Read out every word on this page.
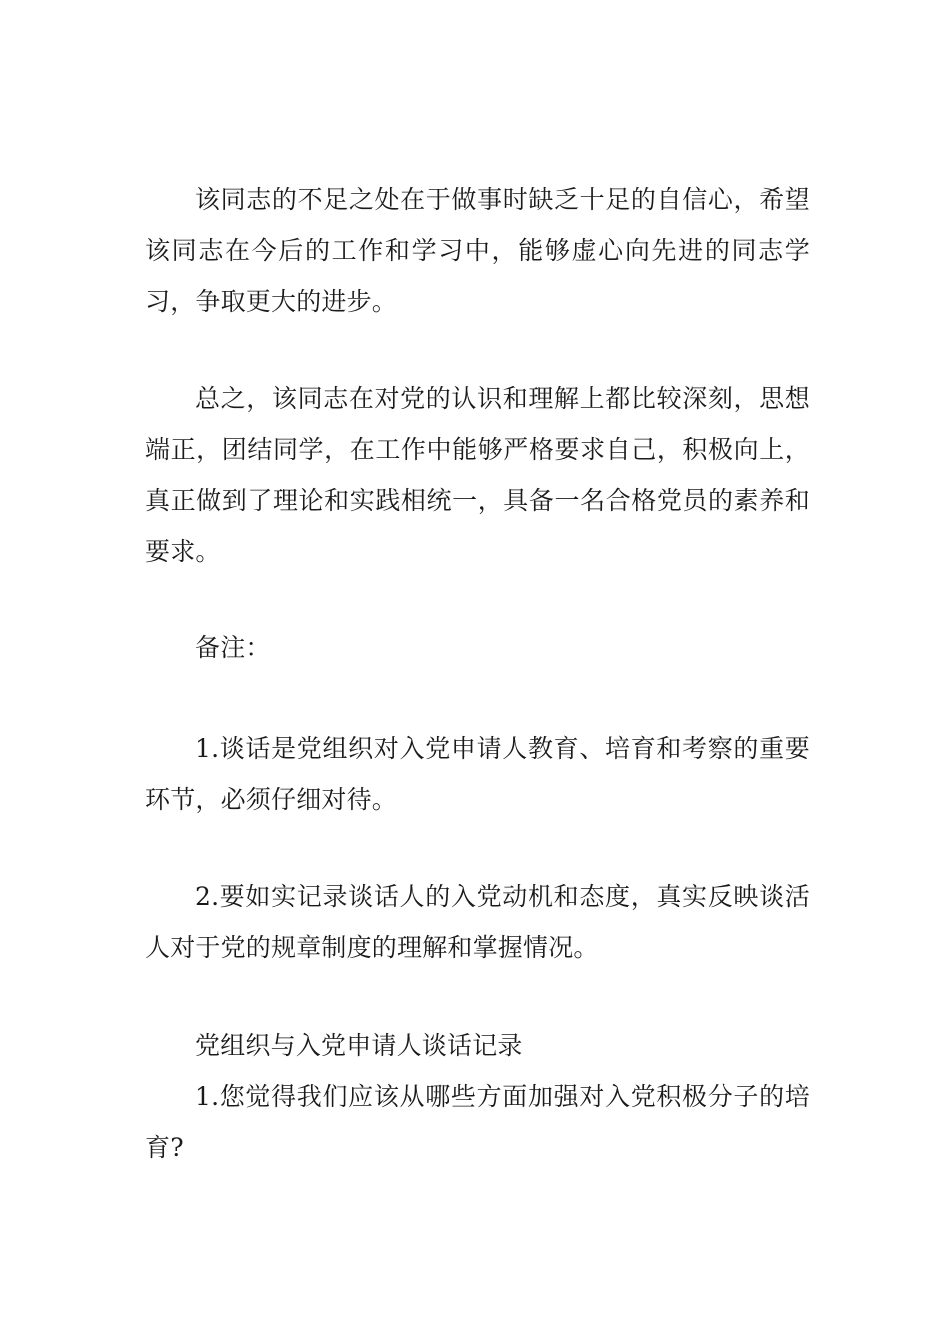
该同志的不足之处在于做事时缺乏十足的自信心，希望该同志在今后的工作和学习中，能够虚心向先进的同志学习，争取更大的进步。

总之，该同志在对党的认识和理解上都比较深刻，思想端正，团结同学，在工作中能够严格要求自己，积极向上，真正做到了理论和实践相统一，具备一名合格党员的素养和要求。

备注：

1.谈话是党组织对入党申请人教育、培育和考察的重要环节，必须仔细对待。

2.要如实记录谈话人的入党动机和态度，真实反映谈活人对于党的规章制度的理解和掌握情况。

党组织与入党申请人谈话记录

1.您觉得我们应该从哪些方面加强对入党积极分子的培育?
